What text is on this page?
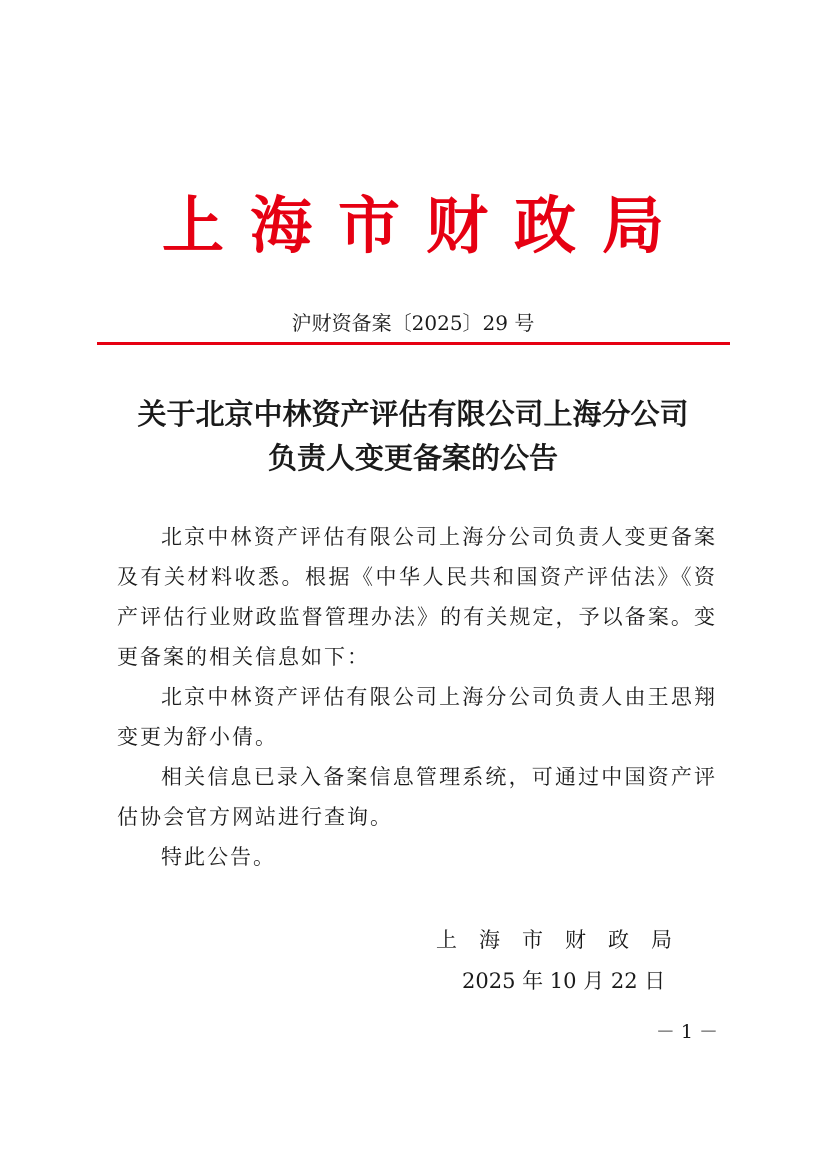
上海市财政局
沪财资备案〔2025〕29 号
关于北京中林资产评估有限公司上海分公司
负责人变更备案的公告

北京中林资产评估有限公司上海分公司负责人变更备案及有关材料收悉。根据《中华人民共和国资产评估法》《资产评估行业财政监督管理办法》的有关规定，予以备案。变更备案的相关信息如下：

北京中林资产评估有限公司上海分公司负责人由王思翔变更为舒小倩。

相关信息已录入备案信息管理系统，可通过中国资产评估协会官方网站进行查询。

特此公告。

上海市财政局
2025 年 10 月 22 日
－ 1 －
